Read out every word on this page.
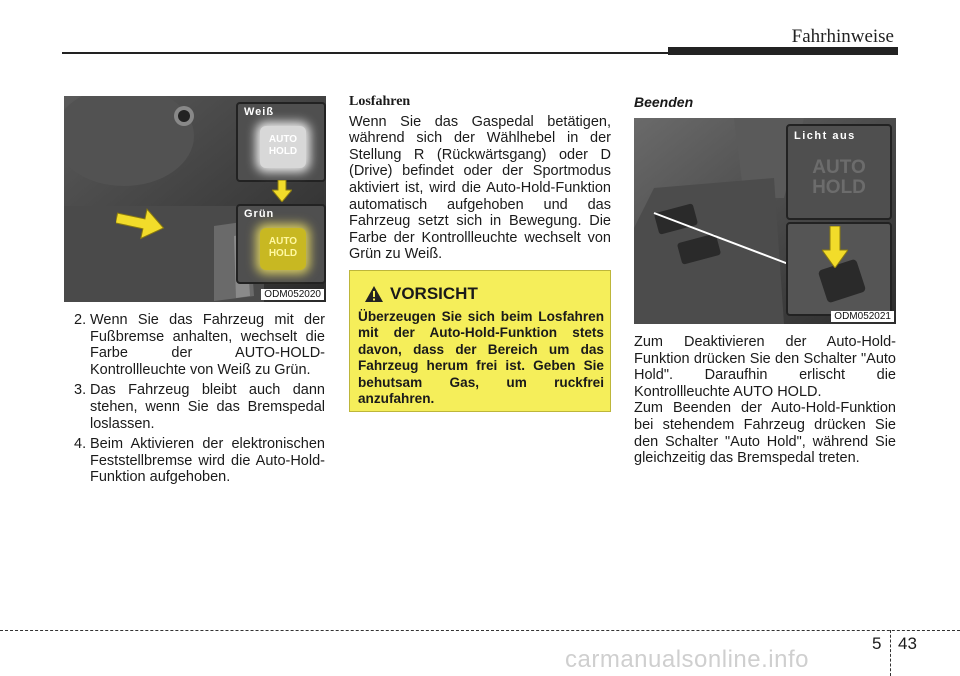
Fahrhinweise
Weiß
AUTO
HOLD
Grün
AUTO
HOLD
ODM052020
2. Wenn Sie das Fahrzeug mit der Fußbremse anhalten, wechselt die Farbe der AUTO-HOLD-Kontrollleuchte von Weiß zu Grün.
3. Das Fahrzeug bleibt auch dann stehen, wenn Sie das Bremspedal loslassen.
4. Beim Aktivieren der elektronischen Feststellbremse wird die Auto-Hold-Funktion aufgehoben.
Losfahren

Wenn Sie das Gaspedal betätigen, während sich der Wählhebel in der Stellung R (Rückwärtsgang) oder D (Drive) befindet oder der Sportmodus aktiviert ist, wird die Auto-Hold-Funktion automatisch aufgehoben und das Fahrzeug setzt sich in Bewegung. Die Farbe der Kontrollleuchte wechselt von Grün zu Weiß.

VORSICHT
Überzeugen Sie sich beim Losfahren mit der Auto-Hold-Funktion stets davon, dass der Bereich um das Fahrzeug herum frei ist. Geben Sie behutsam Gas, um ruckfrei anzufahren.
Beenden
Licht aus
AUTO
HOLD
ODM052021

Zum Deaktivieren der Auto-Hold-Funktion drücken Sie den Schalter "Auto Hold". Daraufhin erlischt die Kontrollleuchte AUTO HOLD.

Zum Beenden der Auto-Hold-Funktion bei stehendem Fahrzeug drücken Sie den Schalter "Auto Hold", während Sie gleichzeitig das Bremspedal treten.

5 43
carmanualsonline.info
